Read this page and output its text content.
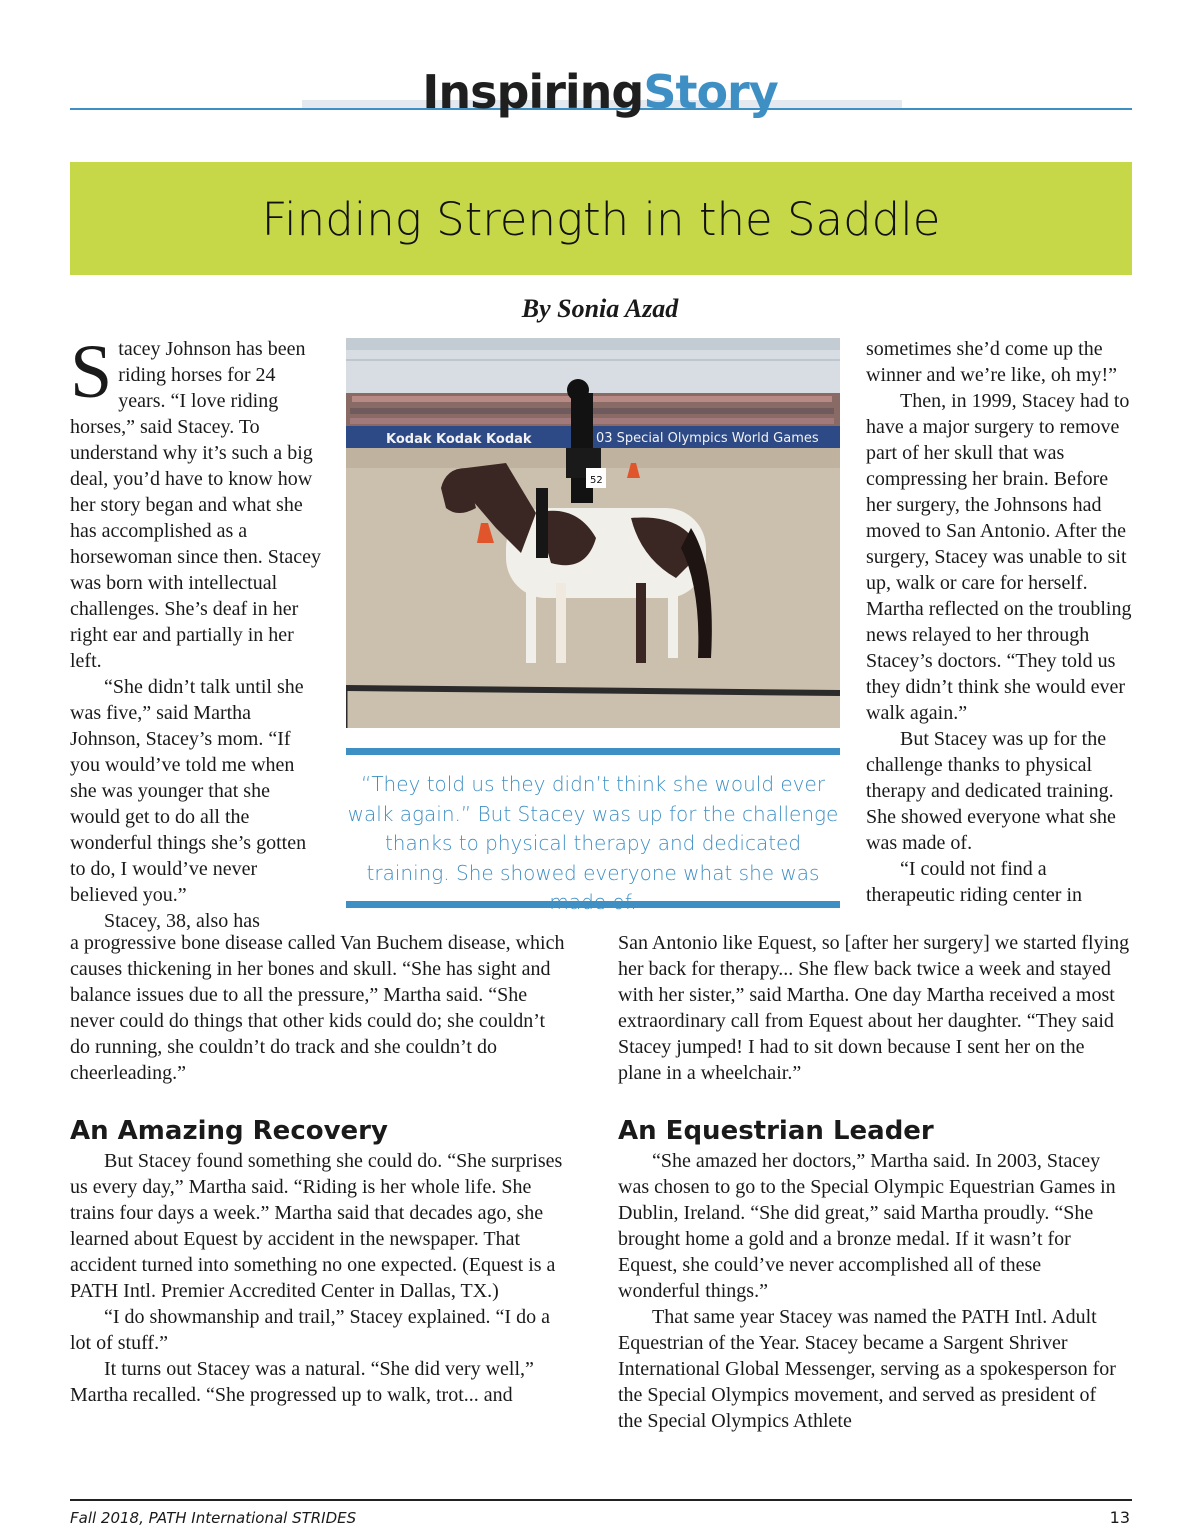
InspiringStory
Finding Strength in the Saddle
By Sonia Azad

Stacey Johnson has been riding horses for 24 years. “I love riding horses,” said Stacey. To understand why it’s such a big deal, you’d have to know how her story began and what she has accomplished as a horsewoman since then. Stacey was born with intellectual challenges. She’s deaf in her right ear and partially in her left.

“She didn’t talk until she was five,” said Martha Johnson, Stacey’s mom. “If you would’ve told me when she was younger that she would get to do all the wonderful things she’s gotten to do, I would’ve never believed you.”

Stacey, 38, also has

sometimes she’d come up the winner and we’re like, oh my!”

Then, in 1999, Stacey had to have a major surgery to remove part of her skull that was compressing her brain. Before her surgery, the Johnsons had moved to San Antonio. After the surgery, Stacey was unable to sit up, walk or care for herself. Martha reflected on the troubling news relayed to her through Stacey’s doctors. “They told us they didn’t think she would ever walk again.”

But Stacey was up for the challenge thanks to physical therapy and dedicated training. She showed everyone what she was made of.

“I could not find a therapeutic riding center in

Kodak Kodak Kodak	03 Special Olympics World Games
52
“They told us they didn’t think she would ever walk again.” But Stacey was up for the challenge thanks to physical therapy and dedicated training. She showed everyone what she was

a progressive bone disease called Van Buchem disease, which causes thickening in her bones and skull. “She has sight and balance issues due to all the pressure,” Martha said. “She never could do things that other kids could do; she couldn’t do running, she couldn’t do track and she couldn’t do cheerleading.”

San Antonio like Equest, so [after her surgery] we started flying her back for therapy... She flew back twice a week and stayed with her sister,” said Martha. One day Martha received a most extraordinary call from Equest about her daughter. “They said Stacey jumped! I had to sit down because I sent her on the plane in a wheelchair.”

An Amazing Recovery

But Stacey found something she could do. “She surprises us every day,” Martha said. “Riding is her whole life. She trains four days a week.” Martha said that decades ago, she learned about Equest by accident in the newspaper. That accident turned into something no one expected. (Equest is a PATH Intl. Premier Accredited Center in Dallas, TX.)

“I do showmanship and trail,” Stacey explained. “I do a lot of stuff.”

It turns out Stacey was a natural. “She did very well,” Martha recalled. “She progressed up to walk, trot... and

An Equestrian Leader

“She amazed her doctors,” Martha said. In 2003, Stacey was chosen to go to the Special Olympic Equestrian Games in Dublin, Ireland. “She did great,” said Martha proudly. “She brought home a gold and a bronze medal. If it wasn’t for Equest, she could’ve never accomplished all of these wonderful things.”

That same year Stacey was named the PATH Intl. Adult Equestrian of the Year. Stacey became a Sargent Shriver International Global Messenger, serving as a spokesperson for the Special Olympics movement, and served as president of the Special Olympics Athlete

Fall 2018, PATH International STRIDES	13
